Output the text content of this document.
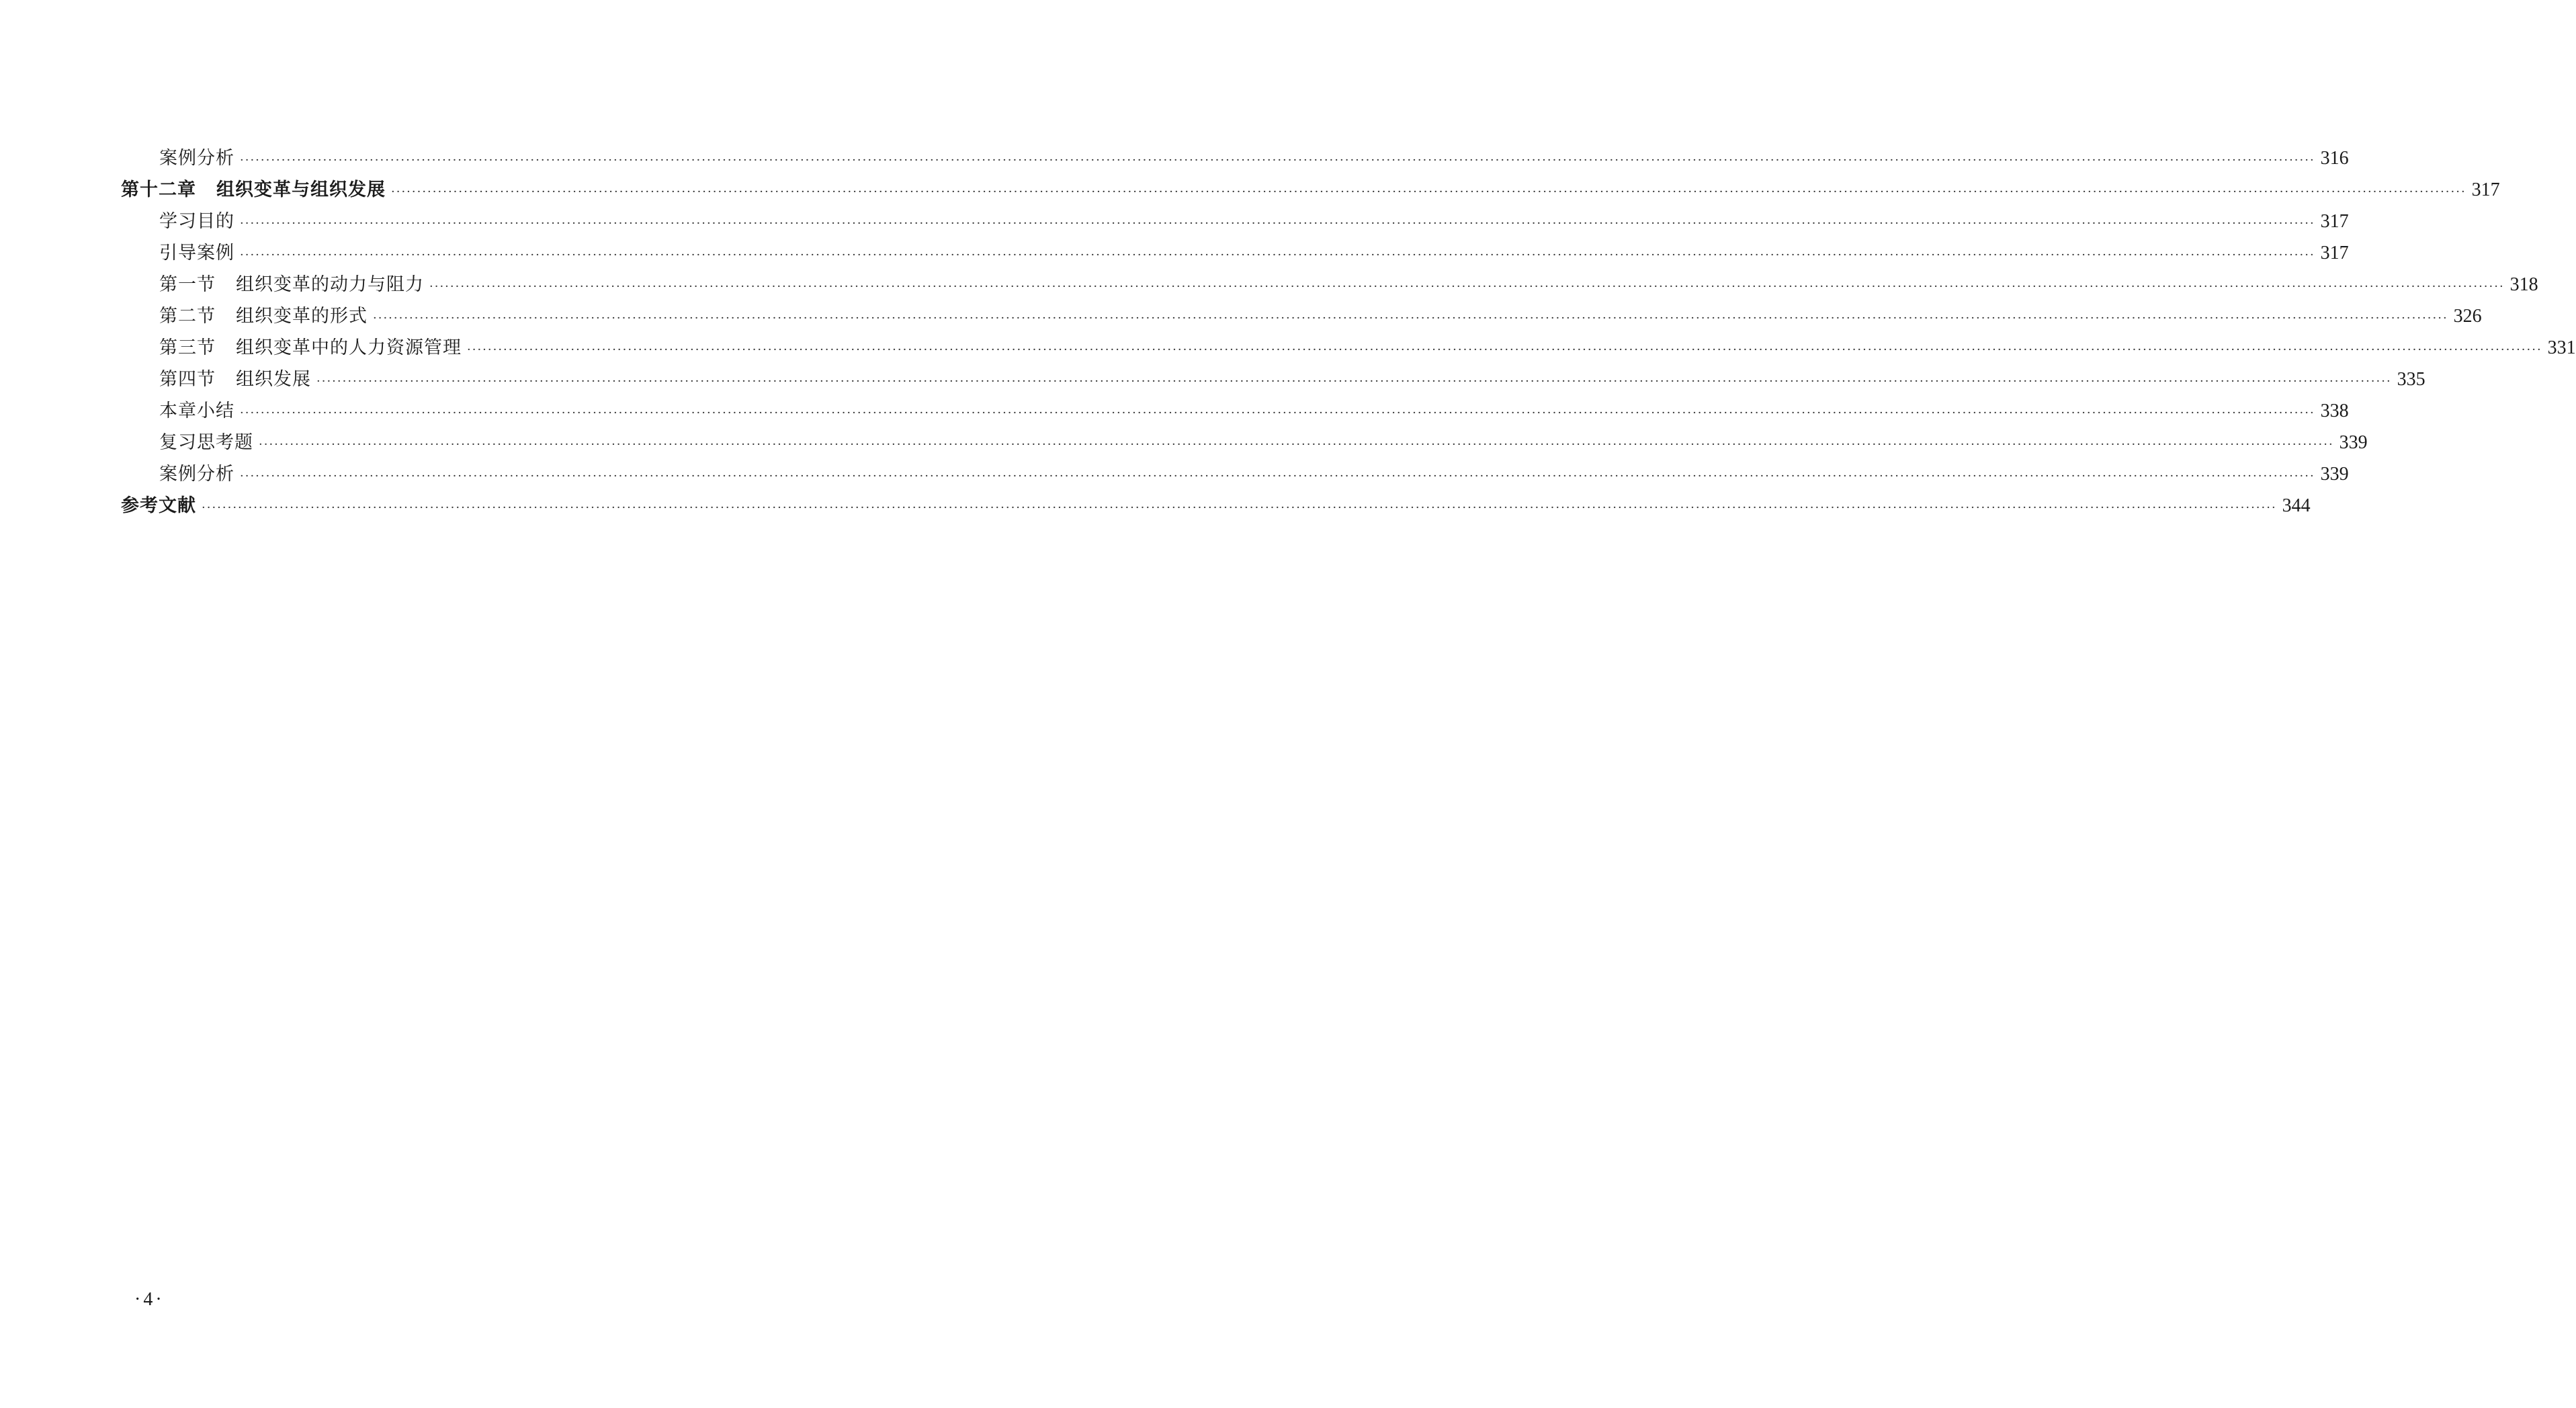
案例分析 ················································································································································································································································································································································································································ 316
第十二章 组织变革与组织发展 ················································································································································································································································································································································································································ 317
学习目的 ················································································································································································································································································································································································································ 317
引导案例 ················································································································································································································································································································································································································ 317
第一节 组织变革的动力与阻力 ················································································································································································································································································································································································································ 318
第二节 组织变革的形式 ················································································································································································································································································································································································································ 326
第三节 组织变革中的人力资源管理 ················································································································································································································································································································································································································ 331
第四节 组织发展 ················································································································································································································································································································································································································ 335
本章小结 ················································································································································································································································································································································································································ 338
复习思考题 ················································································································································································································································································································································································································ 339
案例分析 ················································································································································································································································································································································································································ 339
参考文献 ················································································································································································································································································································································································································ 344
·4·
